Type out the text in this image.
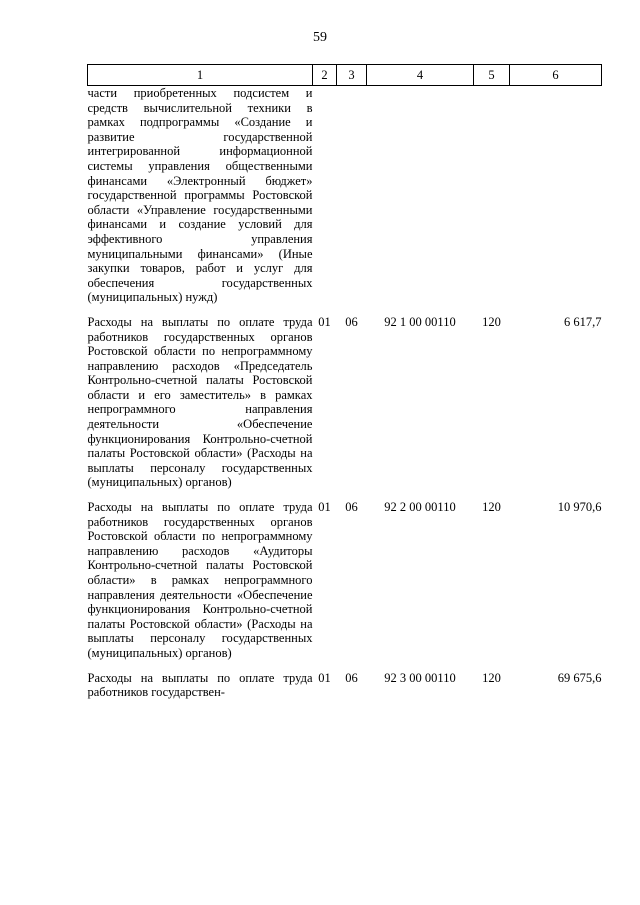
59
1	2	3	4	5	6
части приобретенных подсистем и средств вычислительной техники в рамках подпрограммы «Создание и развитие государственной интегрированной информационной системы управления общественными финансами «Электронный бюджет» государственной программы Ростовской области «Управление государственными финансами и создание условий для эффективного управления муниципальными финансами» (Иные закупки товаров, работ и услуг для обеспечения государственных (муниципальных) нужд)					
Расходы на выплаты по оплате труда работников государственных органов Ростовской области по непрограммному направлению расходов «Председатель Контрольно-счетной палаты Ростовской области и его заместитель» в рамках непрограммного направления деятельности «Обеспечение функционирования Контрольно-счетной палаты Ростовской области» (Расходы на выплаты персоналу государственных (муниципальных) органов)	01	06	92 1 00 00110	120	6 617,7
Расходы на выплаты по оплате труда работников государственных органов Ростовской области по непрограммному направлению расходов «Аудиторы Контрольно-счетной палаты Ростовской области» в рамках непрограммного направления деятельности «Обеспечение функционирования Контрольно-счетной палаты Ростовской области» (Расходы на выплаты персоналу государственных (муниципальных) органов)	01	06	92 2 00 00110	120	10 970,6
Расходы на выплаты по оплате труда работников государствен-	01	06	92 3 00 00110	120	69 675,6
